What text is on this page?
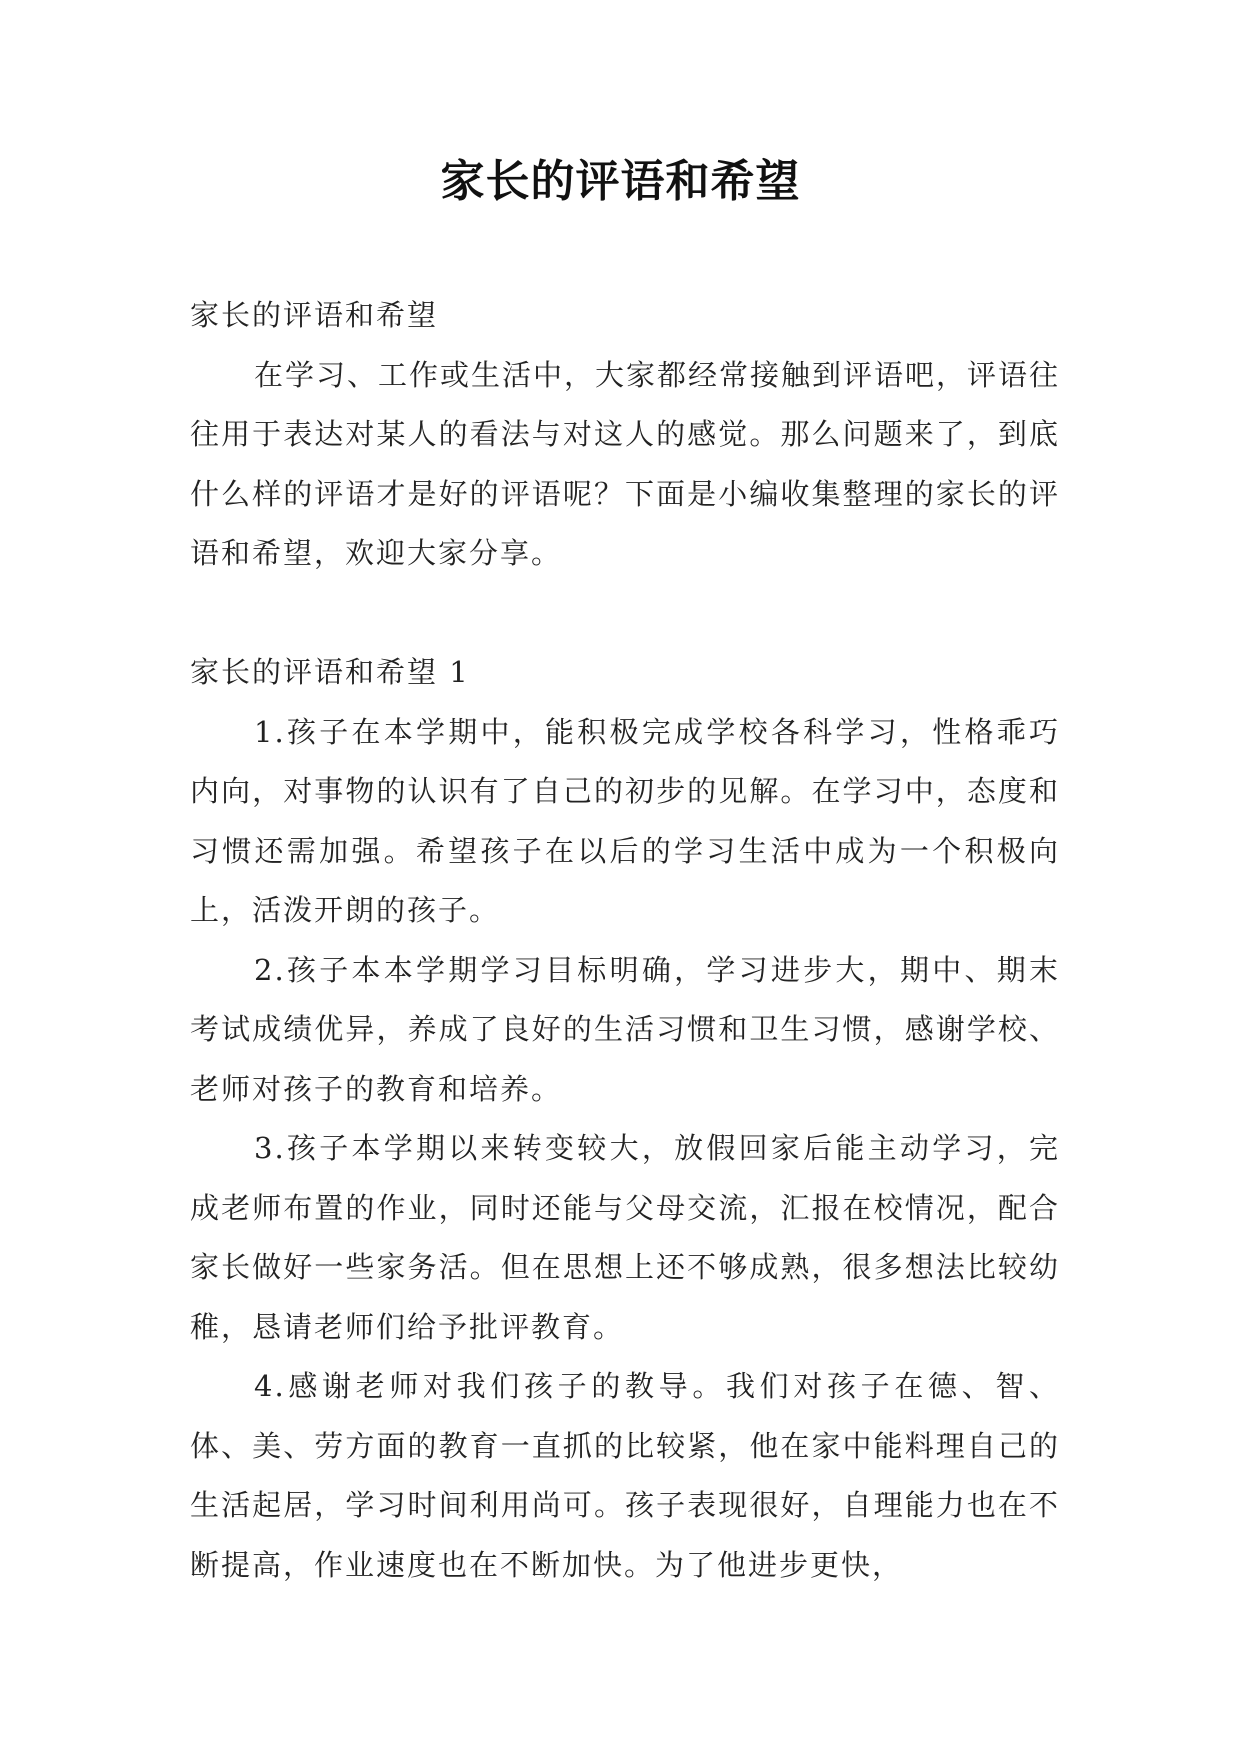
家长的评语和希望

家长的评语和希望

在学习、工作或生活中，大家都经常接触到评语吧，评语往往用于表达对某人的看法与对这人的感觉。那么问题来了，到底什么样的评语才是好的评语呢？下面是小编收集整理的家长的评语和希望，欢迎大家分享。

家长的评语和希望 1

1.孩子在本学期中，能积极完成学校各科学习，性格乖巧内向，对事物的认识有了自己的初步的见解。在学习中，态度和习惯还需加强。希望孩子在以后的学习生活中成为一个积极向上，活泼开朗的孩子。

2.孩子本本学期学习目标明确，学习进步大，期中、期末考试成绩优异，养成了良好的生活习惯和卫生习惯，感谢学校、老师对孩子的教育和培养。

3.孩子本学期以来转变较大，放假回家后能主动学习，完成老师布置的作业，同时还能与父母交流，汇报在校情况，配合家长做好一些家务活。但在思想上还不够成熟，很多想法比较幼稚，恳请老师们给予批评教育。

4.感谢老师对我们孩子的教导。我们对孩子在德、智、体、美、劳方面的教育一直抓的比较紧，他在家中能料理自己的生活起居，学习时间利用尚可。孩子表现很好，自理能力也在不断提高，作业速度也在不断加快。为了他进步更快，
